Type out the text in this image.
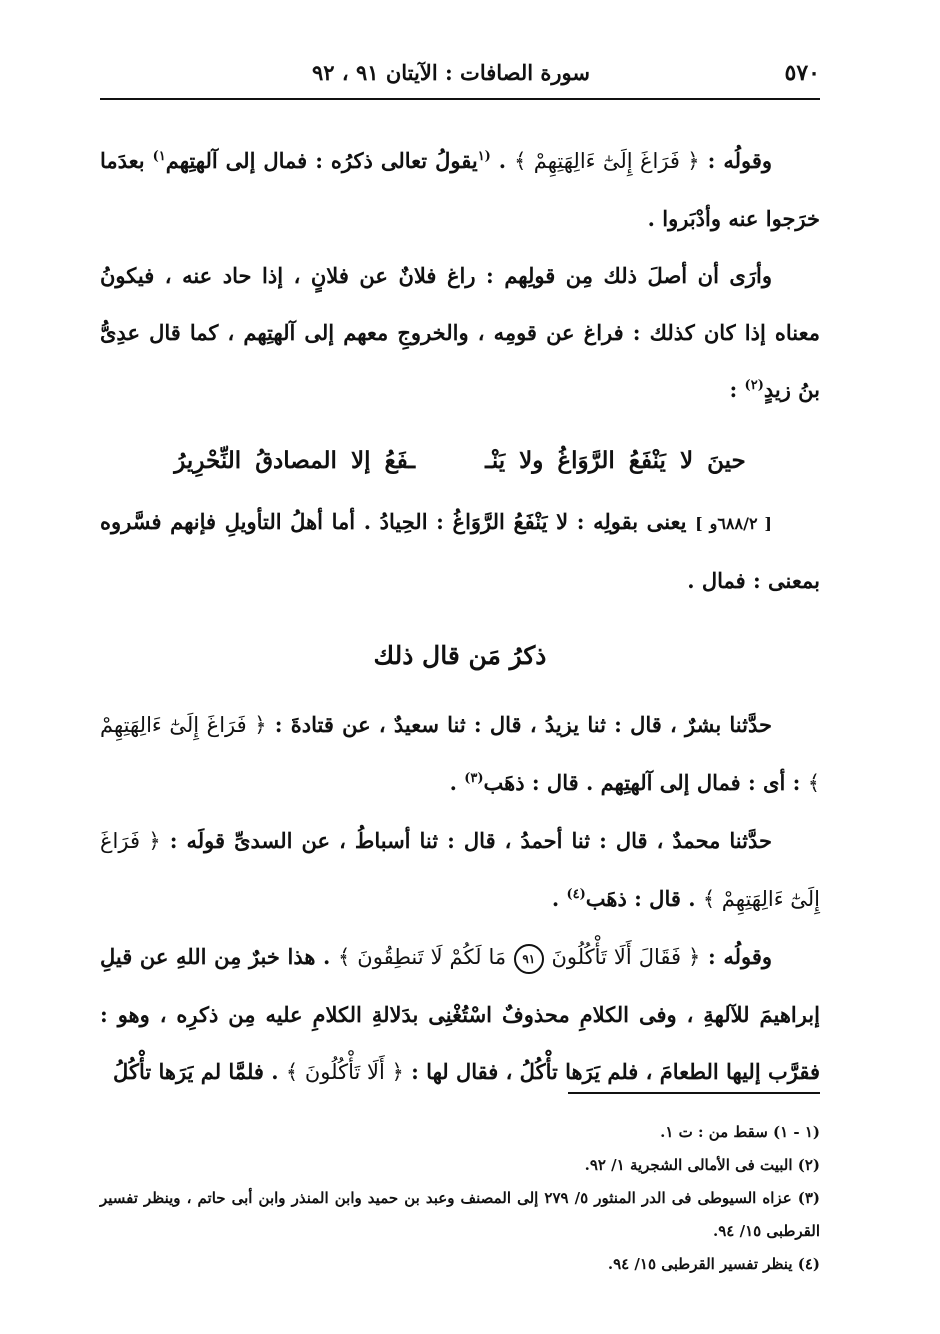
٥٧٠
سورة الصافات : الآيتان ٩١ ، ٩٢

وقولُه : ﴿ فَرَاغَ إِلَىٰٓ ءَالِهَتِهِمْ ﴾ . $^{(١}$يقولُ تعالى ذكرُه : فمال إلى آلهتِهم$^{١)}$ بعدَما خرَجوا عنه وأدْبَروا .

وأرَى أن أصلَ ذلك مِن قولِهم : راغ فلانٌ عن فلانٍ ، إذا حاد عنه ، فيكونُ معناه إذا كان كذلك : فراغ عن قومِه ، والخروجِ معهم إلى آلهتِهم ، كما قال عدِىُّ بنُ زيدٍ$^{(٢)}$ :

حينَ لا يَنْفَعُ الرَّوَاغُ ولا يَنْــفَعُ إلا المصادقُ النِّحْرِيرُ

[ ٦٨٨/٢و ] يعنى بقولِه : لا يَنْفَعُ الرَّوَاغُ : الحِيادُ . أما أهلُ التأويلِ فإنهم فسَّروه بمعنى : فمال .

ذكرُ مَن قال ذلك

حدَّثنا بشرٌ ، قال : ثنا يزيدُ ، قال : ثنا سعيدٌ ، عن قتادةَ : ﴿ فَرَاغَ إِلَىٰٓ ءَالِهَتِهِمْ ﴾ : أى : فمال إلى آلهتِهم . قال : ذهَب$^{(٣)}$ .

حدَّثنا محمدٌ ، قال : ثنا أحمدُ ، قال : ثنا أسباطُ ، عن السدىِّ قولَه : ﴿ فَرَاغَ إِلَىٰٓ ءَالِهَتِهِمْ ﴾ . قال : ذهَب$^{(٤)}$ .

وقولُه : ﴿ فَقَالَ أَلَا تَأْكُلُونَ ٩١ مَا لَكُمْ لَا تَنطِقُونَ ﴾ . هذا خبرٌ مِن اللهِ عن قيلِ إبراهيمَ للآلهةِ ، وفى الكلامِ محذوفٌ اسْتُغْنِى بدَلالةِ الكلامِ عليه مِن ذكرِه ، وهو : فقرَّب إليها الطعامَ ، فلم يَرَها تأْكُلُ ، فقال لها : ﴿ أَلَا تَأْكُلُونَ ﴾ . فلمَّا لم يَرَها تأْكُلُ

(١ - ١) سقط من : ت ١.
(٢) البيت فى الأمالى الشجرية ١/ ٩٢.
(٣) عزاه السيوطى فى الدر المنثور ٥/ ٢٧٩ إلى المصنف وعبد بن حميد وابن المنذر وابن أبى حاتم ، وينظر تفسير القرطبى ١٥/ ٩٤.
(٤) ينظر تفسير القرطبى ١٥/ ٩٤.
